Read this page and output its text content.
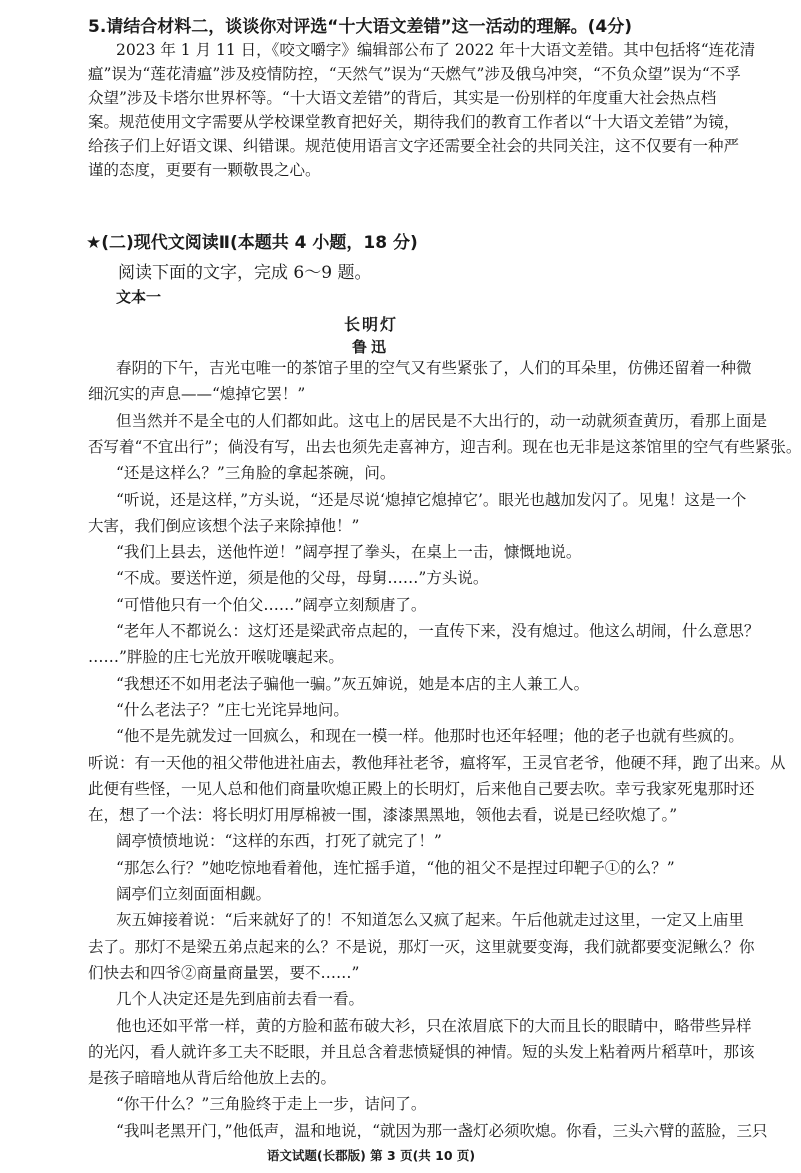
5.请结合材料二，谈谈你对评选“十大语文差错”这一活动的理解。(4分)
2023 年 1 月 11 日，《咬文嚼字》编辑部公布了 2022 年十大语文差错。其中包括将“连花清
瘟”误为“莲花清瘟”涉及疫情防控，“天然气”误为“天燃气”涉及俄乌冲突，“不负众望”误为“不孚
众望”涉及卡塔尔世界杯等。“十大语文差错”的背后，其实是一份别样的年度重大社会热点档
案。规范使用文字需要从学校课堂教育把好关，期待我们的教育工作者以“十大语文差错”为镜，
给孩子们上好语文课、纠错课。规范使用语言文字还需要全社会的共同关注，这不仅要有一种严
谨的态度，更要有一颗敬畏之心。
★(二)现代文阅读Ⅱ(本题共 4 小题，18 分)
阅读下面的文字，完成 6～9 题。
文本一
长明灯
鲁迅
春阴的下午，吉光屯唯一的茶馆子里的空气又有些紧张了，人们的耳朵里，仿佛还留着一种微
细沉实的声息——“熄掉它罢！”
但当然并不是全屯的人们都如此。这屯上的居民是不大出行的，动一动就须查黄历，看那上面是
否写着“不宜出行”；倘没有写，出去也须先走喜神方，迎吉利。现在也无非是这茶馆里的空气有些紧张。
“还是这样么？”三角脸的拿起茶碗，问。
“听说，还是这样，”方头说，“还是尽说‘熄掉它熄掉它’。眼光也越加发闪了。见鬼！这是一个
大害，我们倒应该想个法子来除掉他！”
“我们上县去，送他忤逆！”阔亭捏了拳头，在桌上一击，慷慨地说。
“不成。要送忤逆，须是他的父母，母舅……”方头说。
“可惜他只有一个伯父……”阔亭立刻颓唐了。
“老年人不都说么：这灯还是梁武帝点起的，一直传下来，没有熄过。他这么胡闹，什么意思？
……”胖脸的庄七光放开喉咙嚷起来。
“我想还不如用老法子骗他一骗。”灰五婶说，她是本店的主人兼工人。
“什么老法子？”庄七光诧异地问。
“他不是先就发过一回疯么，和现在一模一样。他那时也还年轻哩；他的老子也就有些疯的。
听说：有一天他的祖父带他进社庙去，教他拜社老爷，瘟将军，王灵官老爷，他硬不拜，跑了出来。从
此便有些怪，一见人总和他们商量吹熄正殿上的长明灯，后来他自己要去吹。幸亏我家死鬼那时还
在，想了一个法：将长明灯用厚棉被一围，漆漆黑黑地，领他去看，说是已经吹熄了。”
阔亭愤愤地说：“这样的东西，打死了就完了！”
“那怎么行？”她吃惊地看着他，连忙摇手道，“他的祖父不是捏过印靶子①的么？”
阔亭们立刻面面相觑。
灰五婶接着说：“后来就好了的！不知道怎么又疯了起来。午后他就走过这里，一定又上庙里
去了。那灯不是梁五弟点起来的么？不是说，那灯一灭，这里就要变海，我们就都要变泥鳅么？你
们快去和四爷②商量商量罢，要不……”
几个人决定还是先到庙前去看一看。
他也还如平常一样，黄的方脸和蓝布破大衫，只在浓眉底下的大而且长的眼睛中，略带些异样
的光闪，看人就许多工夫不眨眼，并且总含着悲愤疑惧的神情。短的头发上粘着两片稻草叶，那该
是孩子暗暗地从背后给他放上去的。
“你干什么？”三角脸终于走上一步，诘问了。
“我叫老黑开门，”他低声，温和地说，“就因为那一盏灯必须吹熄。你看，三头六臂的蓝脸，三只
语文试题(长郡版) 第 3 页(共 10 页)
